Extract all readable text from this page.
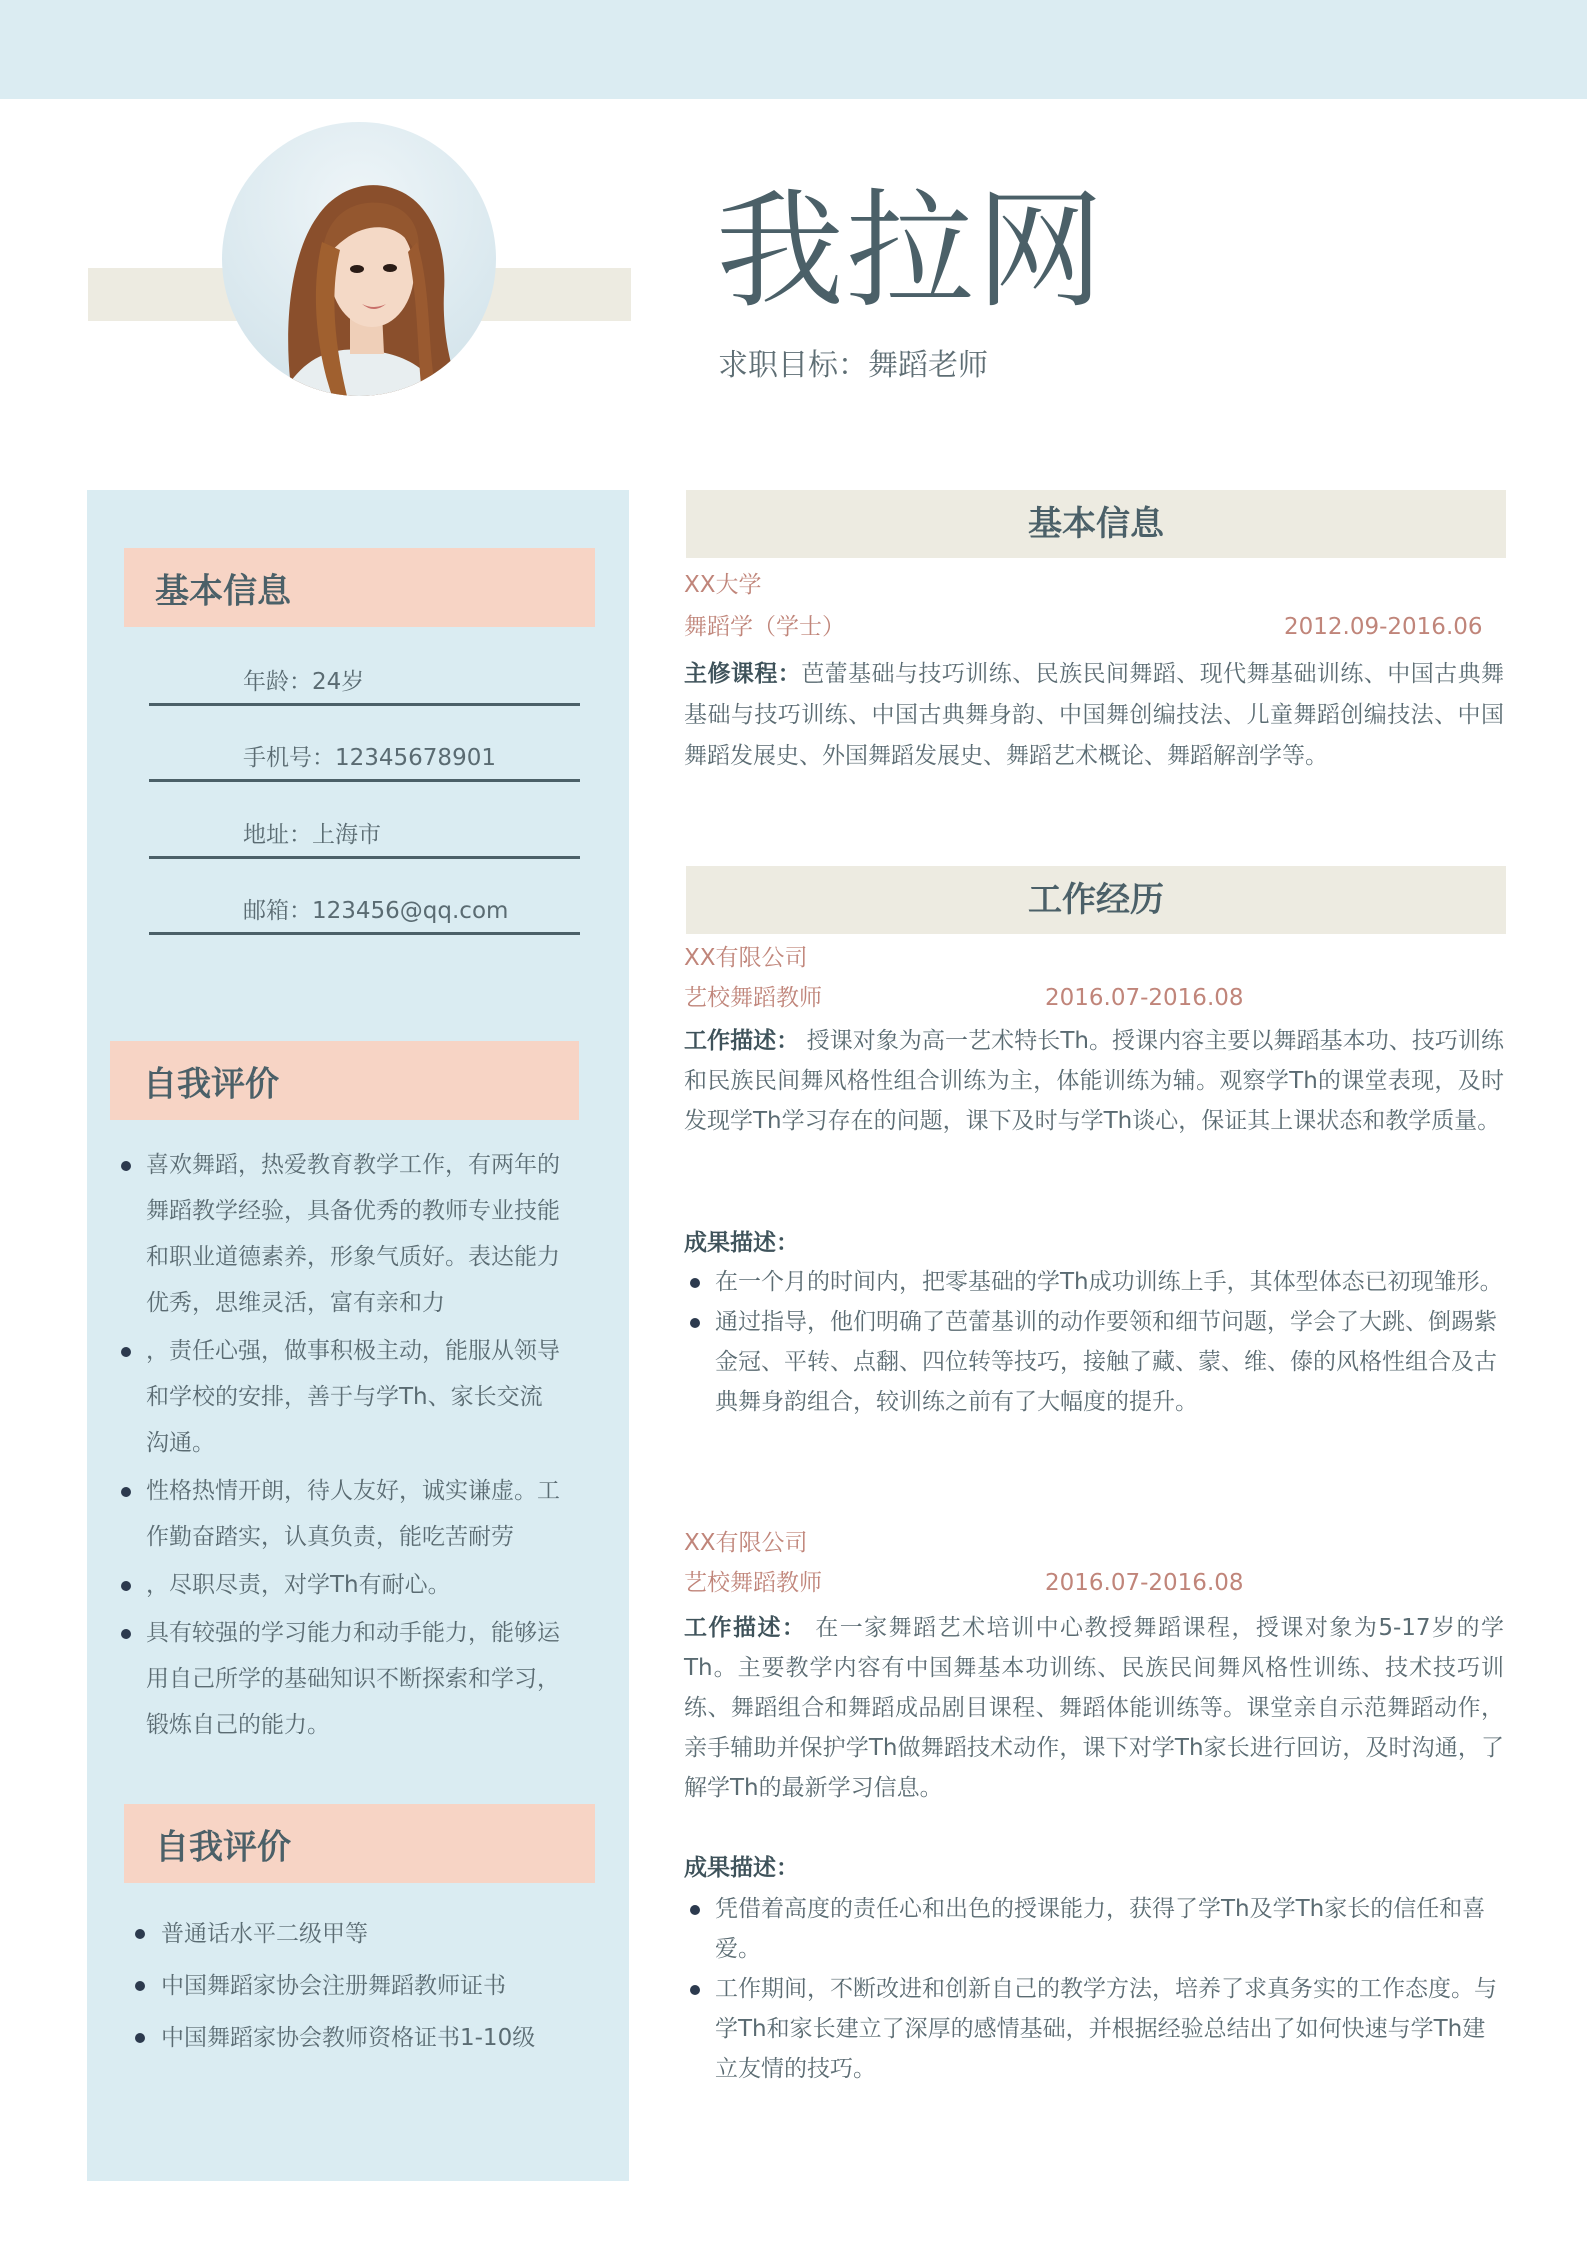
我拉网
求职目标：舞蹈老师
基本信息
年龄：24岁
手机号：12345678901
地址：上海市
邮箱：123456@qq.com
自我评价
喜欢舞蹈，热爱教育教学工作，有两年的舞蹈教学经验，具备优秀的教师专业技能和职业道德素养，形象气质好。表达能力优秀，思维灵活，富有亲和力
，责任心强，做事积极主动，能服从领导和学校的安排，善于与学Th、家长交流沟通。
性格热情开朗，待人友好，诚实谦虚。工作勤奋踏实，认真负责，能吃苦耐劳
，尽职尽责，对学Th有耐心。
具有较强的学习能力和动手能力，能够运用自己所学的基础知识不断探索和学习，锻炼自己的能力。
自我评价
普通话水平二级甲等
中国舞蹈家协会注册舞蹈教师证书
中国舞蹈家协会教师资格证书1-10级
基本信息
XX大学
舞蹈学（学士）	2012.09-2016.06
主修课程：芭蕾基础与技巧训练、民族民间舞蹈、现代舞基础训练、中国古典舞基础与技巧训练、中国古典舞身韵、中国舞创编技法、儿童舞蹈创编技法、中国舞蹈发展史、外国舞蹈发展史、舞蹈艺术概论、舞蹈解剖学等。
工作经历
XX有限公司
艺校舞蹈教师	2016.07-2016.08
工作描述： 授课对象为高一艺术特长Th。授课内容主要以舞蹈基本功、技巧训练和民族民间舞风格性组合训练为主，体能训练为辅。观察学Th的课堂表现，及时发现学Th学习存在的问题，课下及时与学Th谈心，保证其上课状态和教学质量。
成果描述：
在一个月的时间内，把零基础的学Th成功训练上手，其体型体态已初现雏形。
通过指导，他们明确了芭蕾基训的动作要领和细节问题，学会了大跳、倒踢紫金冠、平转、点翻、四位转等技巧，接触了藏、蒙、维、傣的风格性组合及古典舞身韵组合，较训练之前有了大幅度的提升。
XX有限公司
艺校舞蹈教师	2016.07-2016.08
工作描述： 在一家舞蹈艺术培训中心教授舞蹈课程，授课对象为5-17岁的学Th。主要教学内容有中国舞基本功训练、民族民间舞风格性训练、技术技巧训练、舞蹈组合和舞蹈成品剧目课程、舞蹈体能训练等。课堂亲自示范舞蹈动作，亲手辅助并保护学Th做舞蹈技术动作，课下对学Th家长进行回访，及时沟通，了解学Th的最新学习信息。
成果描述：
凭借着高度的责任心和出色的授课能力，获得了学Th及学Th家长的信任和喜爱。
工作期间，不断改进和创新自己的教学方法，培养了求真务实的工作态度。与学Th和家长建立了深厚的感情基础，并根据经验总结出了如何快速与学Th建立友情的技巧。
